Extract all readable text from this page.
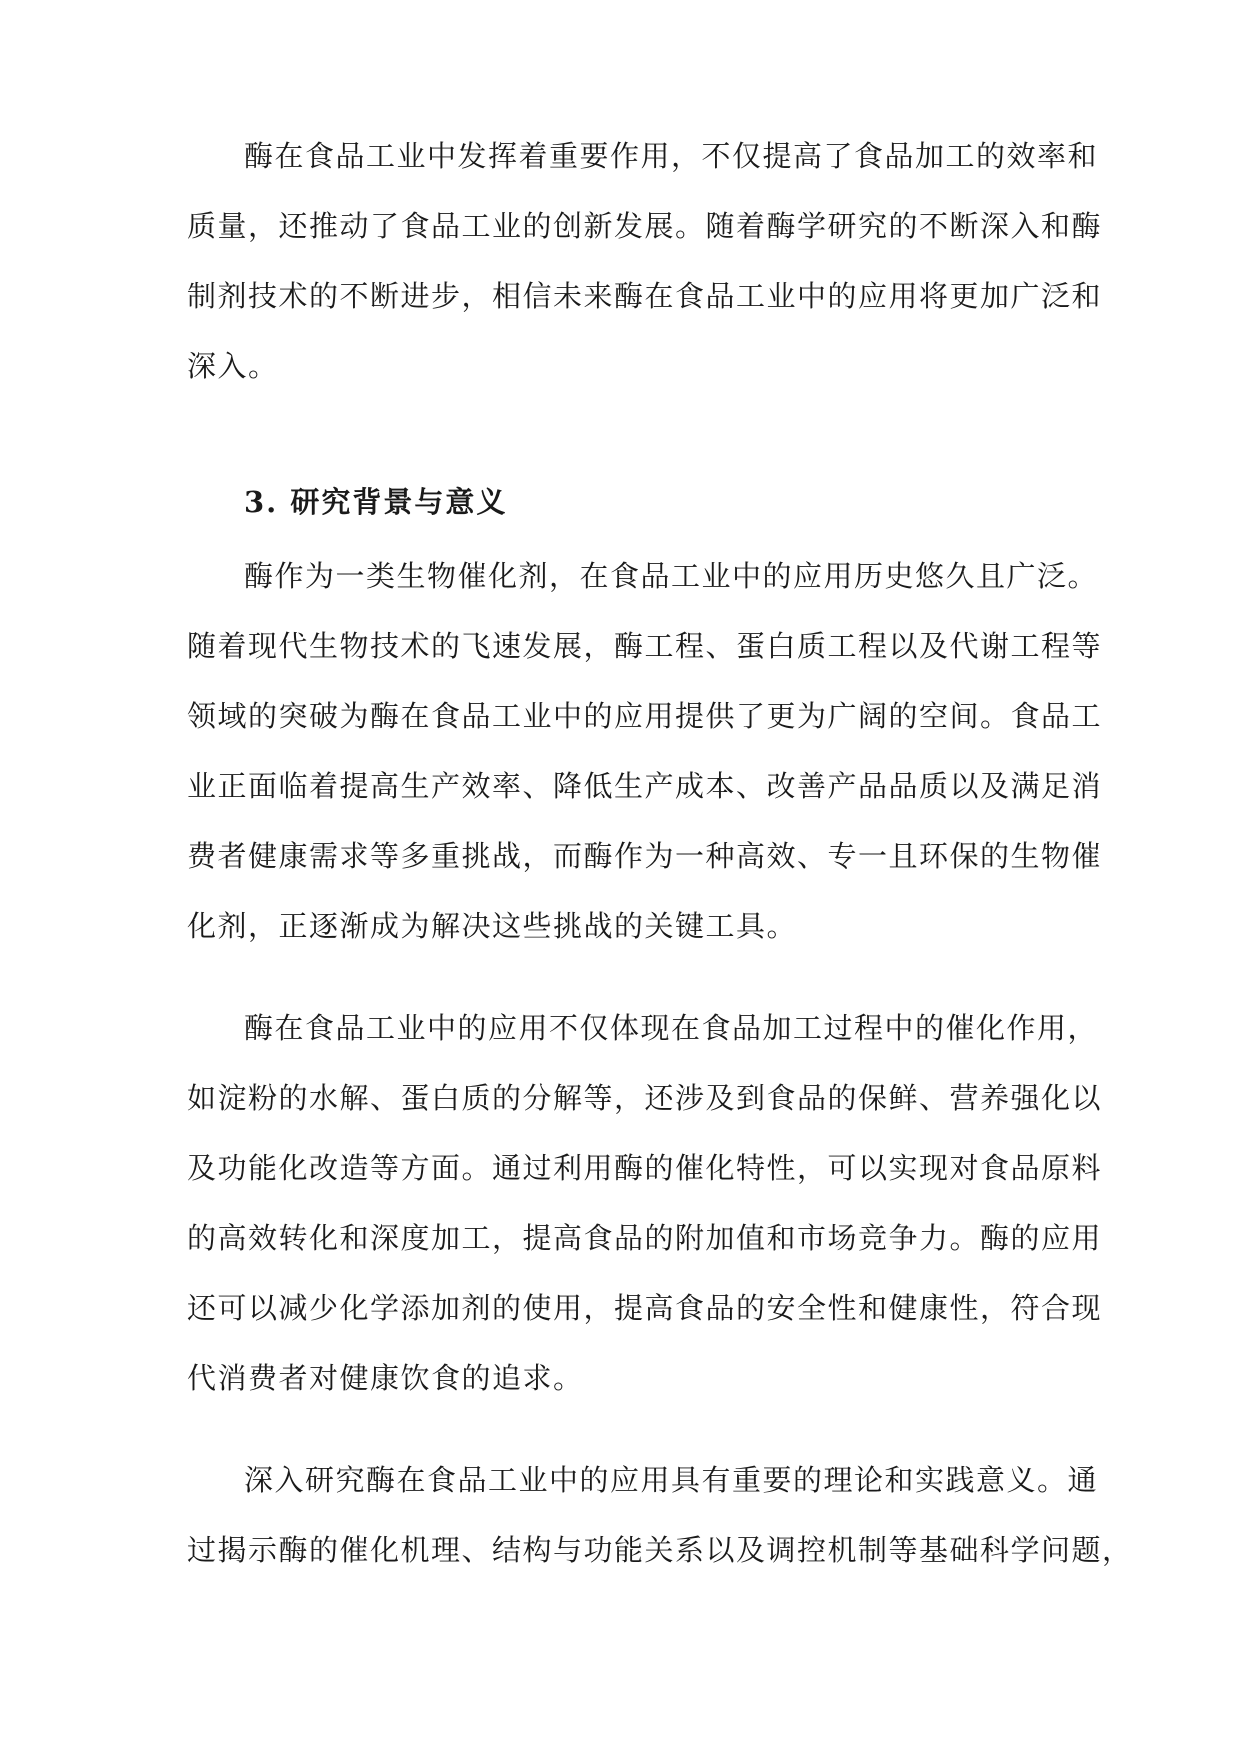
酶在食品工业中发挥着重要作用，不仅提高了食品加工的效率和
质量，还推动了食品工业的创新发展。随着酶学研究的不断深入和酶
制剂技术的不断进步，相信未来酶在食品工业中的应用将更加广泛和
深入。
3. 研究背景与意义
酶作为一类生物催化剂，在食品工业中的应用历史悠久且广泛。
随着现代生物技术的飞速发展，酶工程、蛋白质工程以及代谢工程等
领域的突破为酶在食品工业中的应用提供了更为广阔的空间。食品工
业正面临着提高生产效率、降低生产成本、改善产品品质以及满足消
费者健康需求等多重挑战，而酶作为一种高效、专一且环保的生物催
化剂，正逐渐成为解决这些挑战的关键工具。
酶在食品工业中的应用不仅体现在食品加工过程中的催化作用，
如淀粉的水解、蛋白质的分解等，还涉及到食品的保鲜、营养强化以
及功能化改造等方面。通过利用酶的催化特性，可以实现对食品原料
的高效转化和深度加工，提高食品的附加值和市场竞争力。酶的应用
还可以减少化学添加剂的使用，提高食品的安全性和健康性，符合现
代消费者对健康饮食的追求。
深入研究酶在食品工业中的应用具有重要的理论和实践意义。通
过揭示酶的催化机理、结构与功能关系以及调控机制等基础科学问题，
